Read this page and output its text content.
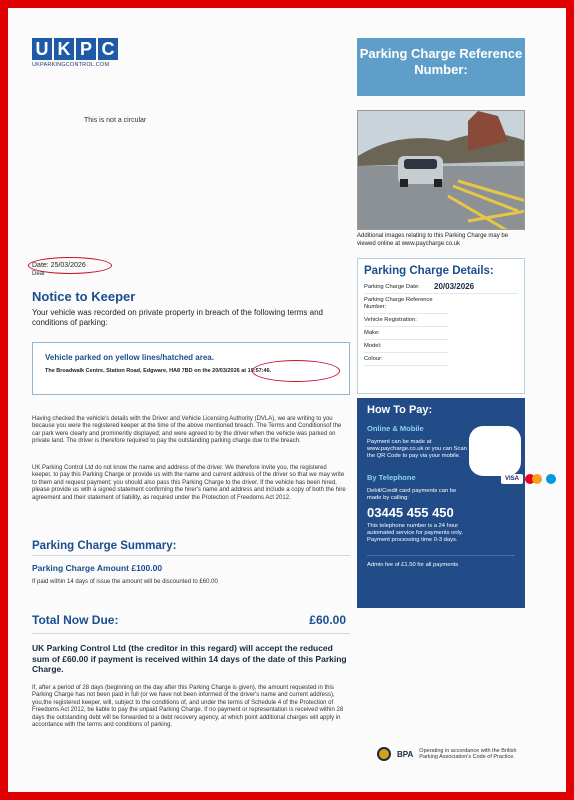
U K P C
UKPARKINGCONTROL.COM
This is not a circular
Date: 25/03/2026
Dear
Notice to Keeper
Your vehicle was recorded on private property in breach of the following terms and conditions of parking:
Vehicle parked on yellow lines/hatched area.
The Broadwalk Centre, Station Road, Edgware, HA8 7BD on the 20/03/2026 at 10:57:46.
Having checked the vehicle's details with the Driver and Vehicle Licensing Authority (DVLA), we are writing to you because you were the registered keeper at the time of the above mentioned breach. The Terms and Conditionsof the car park were clearly and prominently displayed; and were agreed to by the driver when the vehicle was parked on private land. The driver is therefore required to pay the outstanding parking charge due to the breach.
UK Parking Control Ltd do not know the name and address of the driver. We therefore invite you, the registered keeper, to pay this Parking Charge or provide us with the name and current address of the driver so that we may write to them and request payment; you should also pass this Parking Charge to the driver. If the vehicle has been hired, please provide us with a signed statement confirming the hirer's name and address and include a copy of both the hire agreement and their statement of liability, as required under the Protection of Freedoms Act 2012.
Parking Charge Summary:
Parking Charge Amount £100.00
If paid within 14 days of issue the amount will be discounted to £60.00
Total Now Due:	£60.00
UK Parking Control Ltd (the creditor in this regard) will accept the reduced sum of £60.00 if payment is received within 14 days of the date of this Parking Charge.
If, after a period of 28 days (beginning on the day after this Parking Charge is given), the amount requested in this Parking Charge has not been paid in full (or we have not been informed of the driver's name and current address), you,the registered keeper, will, subject to the conditions of, and under the terms of Schedule 4 of the Protection of Freedoms Act 2012, be liable to pay the unpaid Parking Charge. If no payment or representation is received within 28 days the outstanding debt will be forwarded to a debt recovery agency, at which point additional charges will apply in accordance with the terms and conditions of parking.
Parking Charge Reference Number:
Additional images relating to this Parking Charge may be viewed online at www.paycharge.co.uk
Parking Charge Details:
Parking Charge Date:	20/03/2026
Parking Charge Reference Number:
Vehicle Registration:
Make:
Model:
Colour:
How To Pay:
Online & Mobile
Payment can be made at www.paycharge.co.uk or you can Scan the QR Code to pay via your mobile.
By Telephone
Debit/Credit card payments can be made by calling:
03445 455 450
This telephone number is a 24 hour automated service for payments only. Payment processing time 0-3 days.
Admin fee of £1.50 for all payments
VISA
BPA Operating in accordance with the British Parking Association's Code of Practice.
